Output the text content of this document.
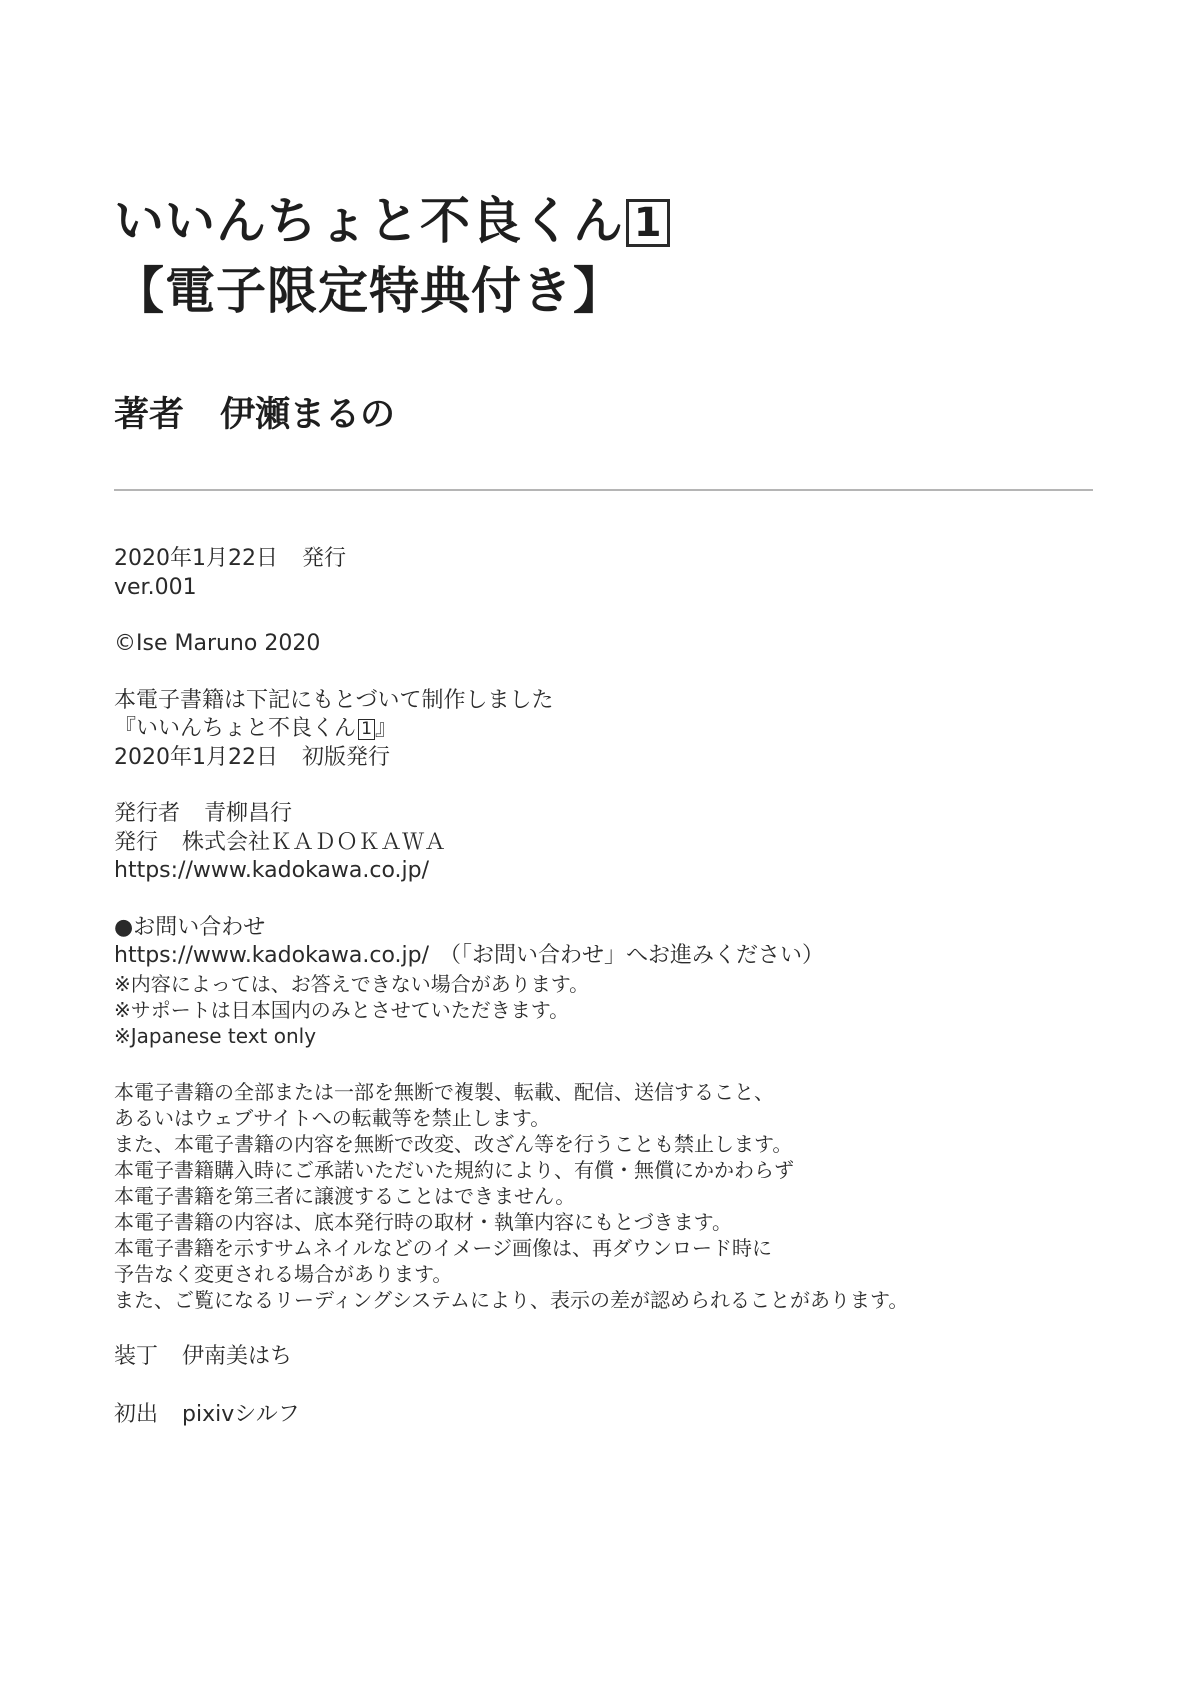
いいんちょと不良くん 1
【電子限定特典付き】
著者 伊瀬まるの
2020年1月22日 発行
ver.001
©Ise Maruno 2020
本電子書籍は下記にもとづいて制作しました
『いいんちょと不良くん 1 』
2020年1月22日 初版発行
発行者 青柳昌行
発行 株式会社ＫＡＤＯＫＡＷＡ
https://www.kadokawa.co.jp/
●お問い合わせ
https://www.kadokawa.co.jp/ （「お問い合わせ」へお進みください）
※内容によっては、お答えできない場合があります。
※サポートは日本国内のみとさせていただきます。
※Japanese text only
本電子書籍の全部または一部を無断で複製、転載、配信、送信すること、
あるいはウェブサイトへの転載等を禁止します。
また、本電子書籍の内容を無断で改変、改ざん等を行うことも禁止します。
本電子書籍購入時にご承諾いただいた規約により、有償・無償にかかわらず
本電子書籍を第三者に譲渡することはできません。
本電子書籍の内容は、底本発行時の取材・執筆内容にもとづきます。
本電子書籍を示すサムネイルなどのイメージ画像は、再ダウンロード時に
予告なく変更される場合があります。
また、ご覧になるリーディングシステムにより、表示の差が認められることがあります。
装丁 伊南美はち
初出 pixivシルフ
